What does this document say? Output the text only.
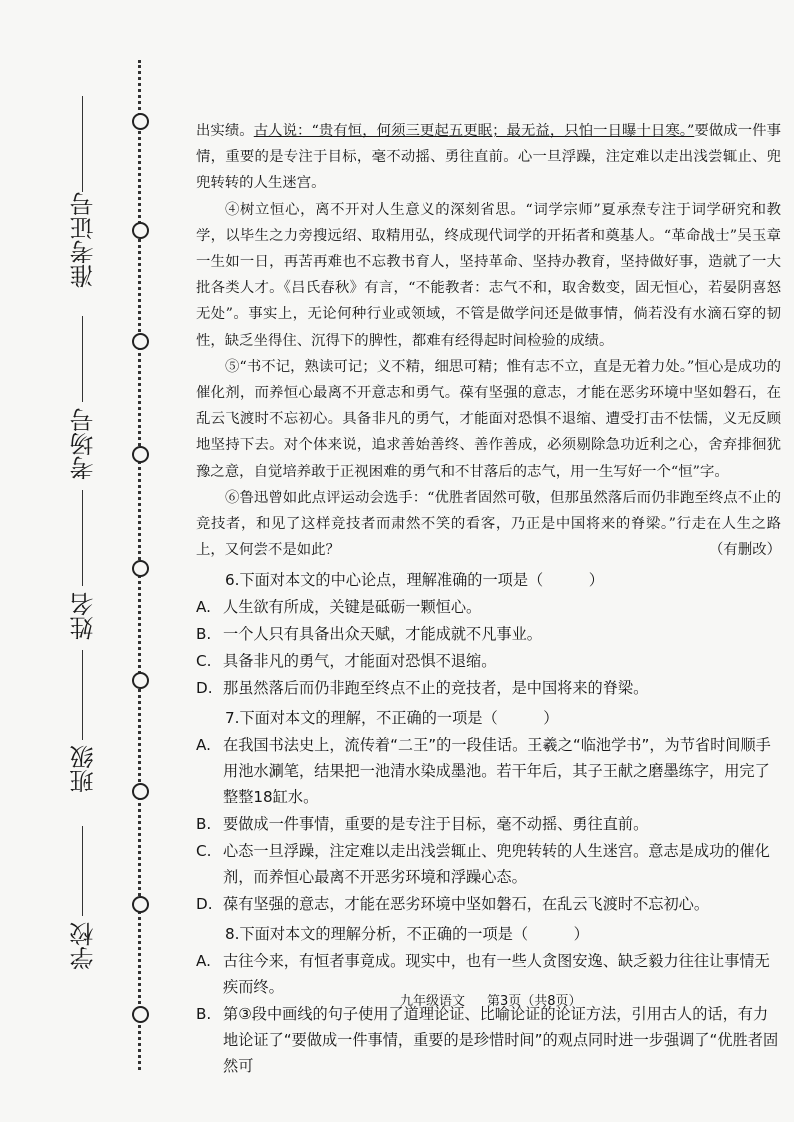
准考证号
考场号
姓名
班级
学校

出实绩。古人说：“贵有恒，何须三更起五更眠；最无益，只怕一日曝十日寒。”要做成一件事情，重要的是专注于目标，毫不动摇、勇往直前。心一旦浮躁，注定难以走出浅尝辄止、兜兜转转的人生迷宫。

④树立恒心，离不开对人生意义的深刻省思。“词学宗师”夏承焘专注于词学研究和教学，以毕生之力旁搜远绍、取精用弘，终成现代词学的开拓者和奠基人。“革命战士”吴玉章一生如一日，再苦再难也不忘教书育人，坚持革命、坚持办教育，坚持做好事，造就了一大批各类人才。《吕氏春秋》有言，“不能教者：志气不和，取舍数变，固无恒心，若晏阴喜怒无处”。事实上，无论何种行业或领域，不管是做学问还是做事情，倘若没有水滴石穿的韧性，缺乏坐得住、沉得下的脾性，都难有经得起时间检验的成绩。

⑤“书不记，熟读可记；义不精，细思可精；惟有志不立，直是无着力处。”恒心是成功的催化剂，而养恒心最离不开意志和勇气。葆有坚强的意志，才能在恶劣环境中坚如磐石，在乱云飞渡时不忘初心。具备非凡的勇气，才能面对恐惧不退缩、遭受打击不怯懦，义无反顾地坚持下去。对个体来说，追求善始善终、善作善成，必须剔除急功近利之心，舍弃排徊犹豫之意，自觉培养敢于正视困难的勇气和不甘落后的志气，用一生写好一个“恒”字。

⑥鲁迅曾如此点评运动会选手：“优胜者固然可敬，但那虽然落后而仍非跑至终点不止的竞技者，和见了这样竞技者而肃然不笑的看客，乃正是中国将来的脊梁。”行走在人生之路上，又何尝不是如此？	（有删改）

6.下面对本文的中心论点，理解准确的一项是（　　　）

A. 人生欲有所成，关键是砥砺一颗恒心。

B. 一个人只有具备出众天赋，才能成就不凡事业。

C. 具备非凡的勇气，才能面对恐惧不退缩。

D. 那虽然落后而仍非跑至终点不止的竞技者，是中国将来的脊梁。

7.下面对本文的理解，不正确的一项是（　　　）

A. 在我国书法史上，流传着“二王”的一段佳话。王羲之“临池学书”，为节省时间顺手用池水涮笔，结果把一池清水染成墨池。若干年后，其子王献之磨墨练字，用完了整整18缸水。

B. 要做成一件事情，重要的是专注于目标，毫不动摇、勇往直前。

C. 心态一旦浮躁，注定难以走出浅尝辄止、兜兜转转的人生迷宫。意志是成功的催化剂，而养恒心最离不开恶劣环境和浮躁心态。

D. 葆有坚强的意志，才能在恶劣环境中坚如磐石，在乱云飞渡时不忘初心。

8.下面对本文的理解分析，不正确的一项是（　　　）

A. 古往今来，有恒者事竟成。现实中，也有一些人贪图安逸、缺乏毅力往往让事情无疾而终。

B. 第③段中画线的句子使用了道理论证、比喻论证的论证方法，引用古人的话，有力地论证了“要做成一件事情，重要的是珍惜时间”的观点同时进一步强调了“优胜者固然可

九年级语文 第3页（共8页）
